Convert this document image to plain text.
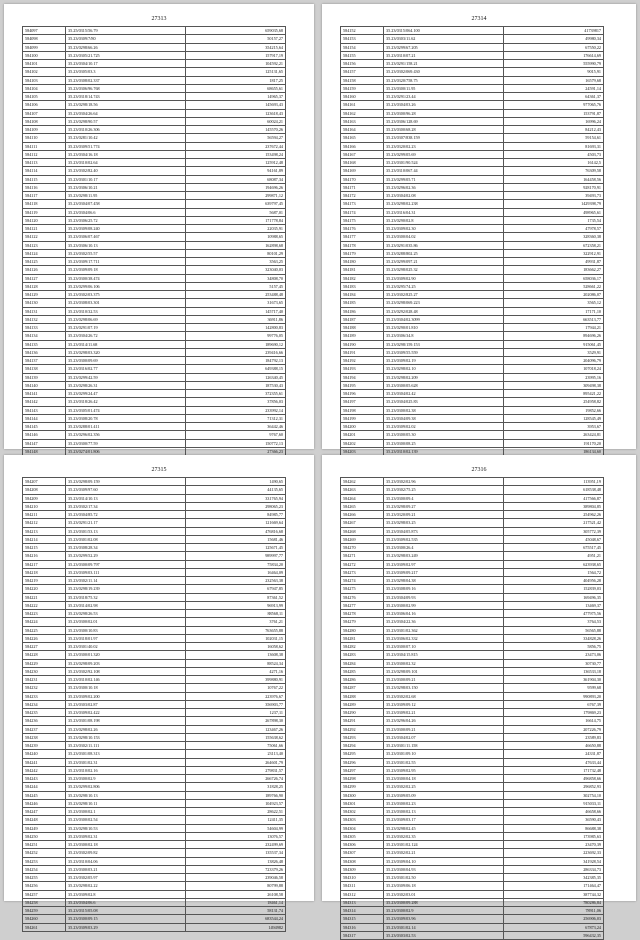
27313
584097	35.25/0315/56.79	659035,68
584098	35.23/0309/7/80	50157,27
584099	35.23/0298/66.26	354215,64
584100	35.23/0305/21.725	157917,19
584101	35.23/0304/10.17	104592,21
584102	35.23/0305/03.3	125131,65
584103	35.23/0308/02.337	1817,25
584104	35.23/0306/96.768	68655,61
584105	35.23/0318/14.743	14965,37
584106	35.23/0298/18.56	145693,43
584107	35.23/0304/26.64	123618,43
584108	35.23/0298/90.57	60024,21
584109	35.23/0310/26.306	145570,26
584110	35.23/0281/10.42	56594,27
584111	35.23/0309/51.774	237672,44
584112	35.23/0304/16.18	153498,24
584113	35.23/0310/02.64	125912,48
584114	35.23/0302/82.40	94161,89
584115	35.23/0301/10.17	68087,34
584116	35.23/0306/10.21	194696,26
584117	35.23/0298/11.95	299871,12
584118	35.23/0304/07.458	639797,45
584119	35.23/0304/06.6	5687,01
584120	35.23/0306/25.72	171778,84
584121	35.23/0309/08.240	22035,91
584122	35.23/0306/07.467	10988,65
584123	35.23/0306/10.13	162898,68
584124	35.23/0302/55.57	80101,29
584125	35.23/0309/17.711	3563,25
584126	35.23/0309/09.18	323040,03
584127	35.23/0300/38.474	34808,70
584128	35.23/0299/06.106	5157,45
584129	35.23/0302/03.375	253488,48
584130	35.23/0308/03.301	31673,65
584131	35.23/0310/32.53	145717,40
584132	35.23/0298/06.69	36911,86
584133	35.23/0291/07.19	142800,83
584134	35.23/0304/26.72	99776,05
584135	35.23/0314/11.68	189690,12
584136	35.23/0298/03.320	239416,66
584137	35.23/0300/09.69	184792,13
584138	35.23/0316/02.77	649388,15
584139	35.23/0299/42.59	126340,45
584140	35.23/0298/26.31	187530,43
584141	35.23/0299/24.47	372355,61
584142	35.23/0318/26.42	37856,03
584143	35.23/0305/01.474	233992,14
584144	35.23/0308/20.78	71312,31
584145	35.23/0288/01.411	36442,46
584146	35.23/0296/02.356	9767,60
584147	35.23/0300/77.59	150772,13
584148	35.23/0274/01.806	27366,23

27314
584152	35.23/0315/064.100	41739817
584153	35.23/0303/11.62	49980,34
584154	35.23/0299/67.205	67550,22
584155	35.23/0310/07.21	176614,69
584156	35.23/0291/158.21	555990,79
584157	35.23/0302/069.430	9015,91
584158	35.23/0320/758.75	16579,68
584159	35.23/0300/11.95	24591,14
584160	35.23/0291/23.44	64361,37
584161	35.23/0304/03.26	977065,76
584162	35.23/0300/96.28	153791,87
584163	35.23/0306/128.69	16996,24
584164	35.23/0300/68.28	84212,43
584165	35.23/0307/838.159	59154,61
584166	35.23/0320/02.23	81693,31
584167	35.23/0299/05.69	4503,73
584168	35.23/0301/90.524	16142,5
584169	35.23/0310/067.44	76309,58
584170	35.23/0299/05.71	164458,56
584171	35.23/0296/02.36	928170,91
584172	35.23/0304/02.08	39493,73
584173	35.23/0298/02.238	1429398,79
584174	35.23/0316/04.31	498965,61
584175	35.23/0290/02.8	1735,54
584176	35.23/0309/02.30	47978,57
584177	35.23/0300/04.02	328360,38
584178	35.23/0291/035.86	672358,21
584179	35.23/0288/802.25	322912,91
584180	35.23/0299/097.21	49931,87
584181	35.23/0298/025.32	183662,27
584182	35.23/0309/02.90	658036,17
584183	35.23/0295/74.25	528661,22
584184	35.23/0302/825.27	202086,07
584185	35.23/0298/069.223	3565,12
584186	35.23/0292/028.48	17171,10
584187	35.23/0304/02.3099	663513,77
584188	35.23/0290/01.810	17944,21
584189	35.23/0306/34.8	894696,26
584190	35.23/0298/159.153	915061,45
584191	35.23/0309/55.559	3529,91
584192	35.23/0309/02.19	204096,79
584193	35.23/0298/02.10	107018,24
584194	35.23/0298/02.209	23995,16
584195	35.23/0300/05.628	309498,38
584196	35.23/0304/02.42	895421,22
584197	35.23/0304/025.83	254958,82
584198	35.23/0300/02.38	19852,66
584199	35.23/0304/09.38	128545,49
584200	35.23/0309/02.02	3953,67
584201	35.23/0300/05.30	263424,81
584202	35.23/0300/08.25	191170,20
584203	35.23/0310/02.139	186134,60

27315
584207	35.23/0298/09.159	1490,65
584208	35.23/0309/97.60	44135,65
584209	35.23/0314/10.13	331765,94
584210	35.23/0302/17.34	298065,23
584211	35.23/0304/85.72	84985,77
584212	35.23/0291/21.17	121669,64
584213	35.23/0301/53.13	476816,68
584214	35.23/0301/02.08	15681,46
584215	35.23/0308/28.34	125671,45
584216	35.23/0299/52.29	989997,77
584217	35.23/0300/09.797	75834,20
584218	35.23/0309/03.111	16464,09
584219	35.23/0302/11.14	232563,38
584220	35.23/0298/19.239	67947,85
584221	35.23/0318/75.32	87361,52
584222	35.23/0314/02.98	96913,99
584223	35.23/0298/26.53	88568,11
584224	35.23/0300/02.01	3761,21
584225	35.23/0300/10.83	763655,88
584226	35.23/0318/01.97	102031,15
584227	35.23/0301/40.02	16058,62
584228	35.23/0300/01.320	13608,38
584229	35.23/0298/09.203	88524,34
584230	35.23/0302/92.108	4271,16
584231	35.23/0310/02.146	399880,91
584232	35.23/0300/10.18	10767,22
584233	35.23/0309/02.200	223976,67
584234	35.23/0303/02.87	356903,77
584235	35.23/0309/02.422	1237,11
584236	35.23/0301/08.198	267898,30
584237	35.23/0298/02.26	123467,26
584238	35.23/0298/10.153	155638,62
584239	35.23/0302/11.111	75061,66
584240	35.23/0301/08.313	23113,40
584241	35.23/0301/02.31	264601,79
584242	35.23/0310/02.16	279831,57
584243	35.23/0300/02.9	266726,74
584244	35.23/0299/02.806	31828,25
584245	35.23/0298/10.13	189766,90
584246	35.23/0298/10.11	104923,57
584247	35.23/0300/02.1	28622,51
584248	35.23/0300/02.54	12411,35
584249	35.23/0298/10.53	54604,99
584250	35.23/0309/02.31	13076,57
584251	35.23/0300/02.18	232499,69
584252	35.23/0302/09.82	135537,34
584253	35.23/0310/04.06	13826,48
584254	35.23/0300/03.21	723379,26
584255	35.23/0302/05.97	239046,58
584256	35.23/0298/02.22	80799,88
584257	35.23/0309/02.8	26108,58
584258	35.23/0304/06.6	18461,14
584259	35.23/0315/05.08	58131,74
584260	35.23/0300/09.15	683544,24
584261	35.23/0309/03.29	1494982
27316
584262	35.23/0302/02.96	113951,19
584263	35.23/0302/75.25	618538,48
584264	35.23/0300/09.4	417566,87
584265	35.23/0298/09.27	389804,85
584266	35.23/0320/09.21	254962,26
584267	35.23/0298/03.25	217521,42
584268	35.23/0304/05.873	305772,39
584269	35.23/0309/02.535	45048,67
584270	35.23/0300/26.4	675517,45
584271	35.23/0298/03.249	4951,21
584272	35.23/0309/02.97	623938,65
584273	35.23/0309/09.217	1564,72
584274	35.23/0298/04.38	404956,28
584275	35.23/0308/09.16	152839,03
584276	35.23/0304/09.93	169496,35
584277	35.23/0300/02.99	13469,37
584278	35.23/0306/04.16	477975,56
584279	35.23/0304/22.36	3764,53
584280	35.23/0301/02.362	56565,88
584281	35.23/0306/02.332	334828,26
584282	35.23/0300/07.10	5856,75
584283	35.23/0304/15.815	23473,06
584284	35.23/0300/02.32	30730,77
584285	35.23/0298/09.101	136533,18
584286	35.23/0300/09.21	361904,30
584287	35.23/0298/03.150	9599,68
584288	35.23/0302/02.68	990893,20
584289	35.23/0309/09.12	6767,39
584290	35.23/0309/02.21	179869,23
584291	35.23/0296/04.26	16614,75
584292	35.23/0300/09.21	207226,79
584293	35.23/0304/02.07	23589,83
584294	35.23/0301/11.158	46650,88
584295	35.23/0301/09.10	24331,87
584296	35.23/0301/02.55	47633,44
584297	35.23/0309/02.95	171732,48
584298	35.23/0300/04.18	496858,66
584299	35.23/0302/02.25	296852,93
584300	35.23/0309/05.09	302754,10
584301	35.23/0300/02.23	915033,11
584302	35.23/0300/02.13	46658,66
584303	35.23/0309/03.17	36590,43
584304	35.23/0298/02.45	86688,38
584305	35.23/0302/02.35	173985,63
584306	35.23/0301/02.124	23470,39
584307	35.23/0302/02.21	223692,33
584308	35.23/0309/04.10	341928,54
584309	35.23/0300/04.93	286334,73
584310	35.23/0301/02.50	342385,35
584311	35.23/0309/06.18	171464,47
584312	35.23/0302/03.01	387744,32
584313	35.23/0300/09.288	780286,84
584314	35.23/0300/02.9	78911,06
584315	35.23/0309/03.96	256906,03
584316	35.23/0301/02.14	67873,24
584317	35.23/0303/02.53	596432,35
